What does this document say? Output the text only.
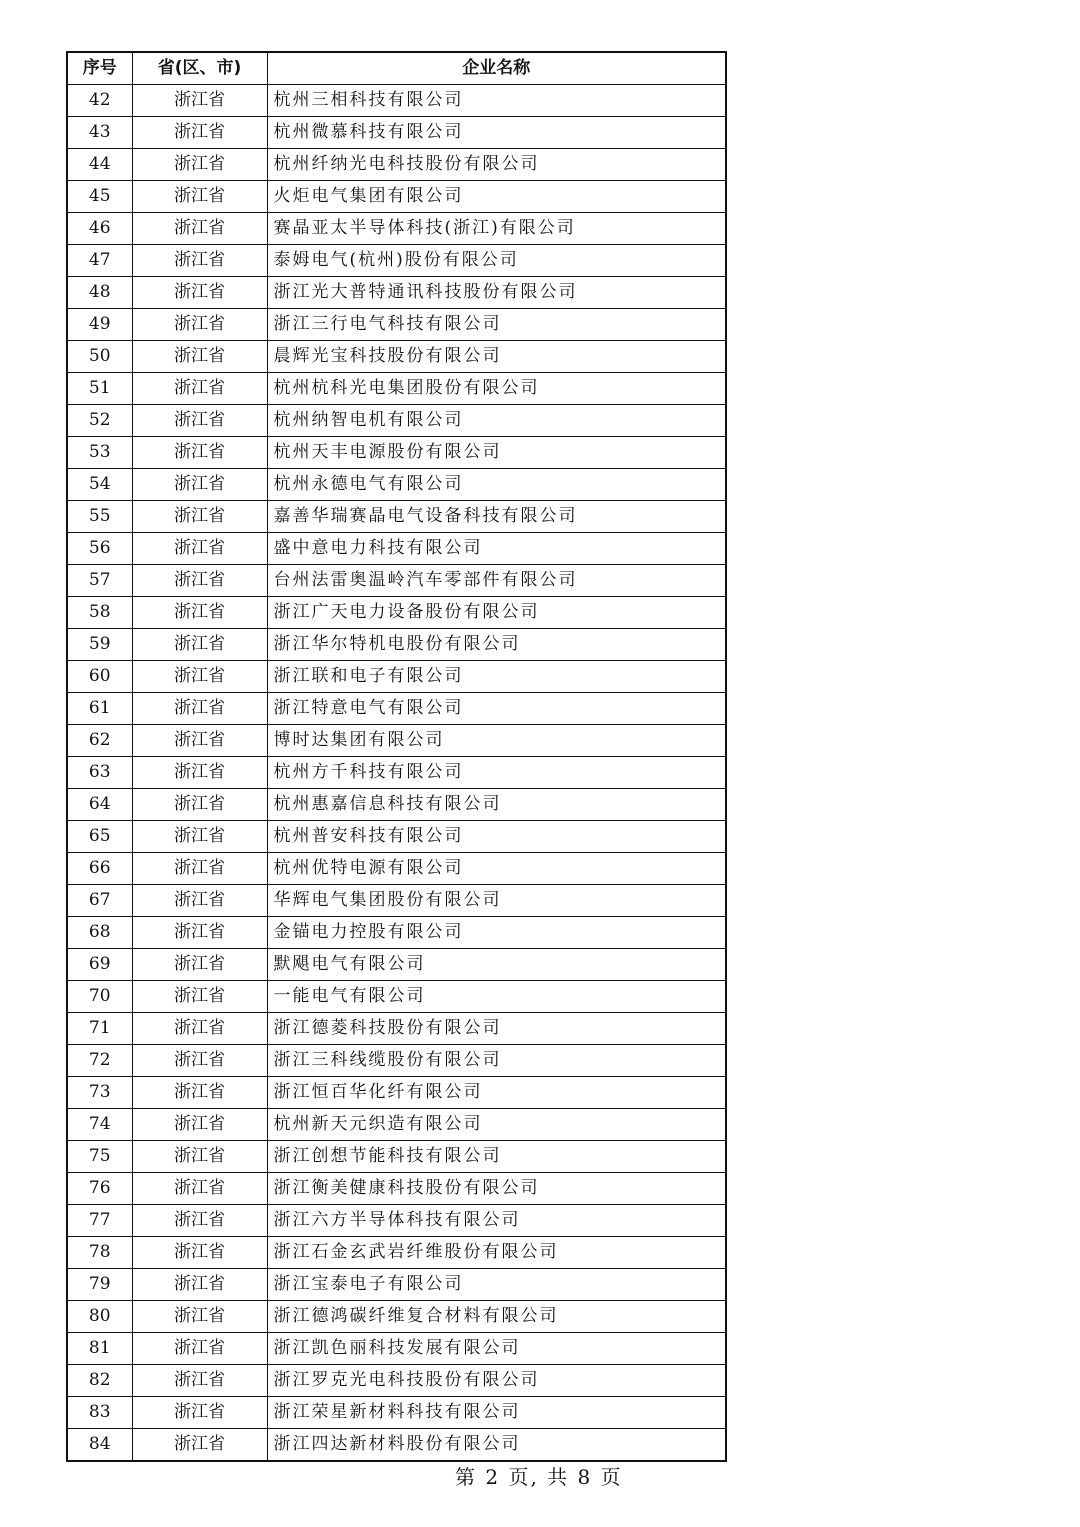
序号	省(区、市)	企业名称
42	浙江省	杭州三相科技有限公司
43	浙江省	杭州微慕科技有限公司
44	浙江省	杭州纤纳光电科技股份有限公司
45	浙江省	火炬电气集团有限公司
46	浙江省	赛晶亚太半导体科技(浙江)有限公司
47	浙江省	泰姆电气(杭州)股份有限公司
48	浙江省	浙江光大普特通讯科技股份有限公司
49	浙江省	浙江三行电气科技有限公司
50	浙江省	晨辉光宝科技股份有限公司
51	浙江省	杭州杭科光电集团股份有限公司
52	浙江省	杭州纳智电机有限公司
53	浙江省	杭州天丰电源股份有限公司
54	浙江省	杭州永德电气有限公司
55	浙江省	嘉善华瑞赛晶电气设备科技有限公司
56	浙江省	盛中意电力科技有限公司
57	浙江省	台州法雷奥温岭汽车零部件有限公司
58	浙江省	浙江广天电力设备股份有限公司
59	浙江省	浙江华尔特机电股份有限公司
60	浙江省	浙江联和电子有限公司
61	浙江省	浙江特意电气有限公司
62	浙江省	博时达集团有限公司
63	浙江省	杭州方千科技有限公司
64	浙江省	杭州惠嘉信息科技有限公司
65	浙江省	杭州普安科技有限公司
66	浙江省	杭州优特电源有限公司
67	浙江省	华辉电气集团股份有限公司
68	浙江省	金锚电力控股有限公司
69	浙江省	默飓电气有限公司
70	浙江省	一能电气有限公司
71	浙江省	浙江德菱科技股份有限公司
72	浙江省	浙江三科线缆股份有限公司
73	浙江省	浙江恒百华化纤有限公司
74	浙江省	杭州新天元织造有限公司
75	浙江省	浙江创想节能科技有限公司
76	浙江省	浙江衡美健康科技股份有限公司
77	浙江省	浙江六方半导体科技有限公司
78	浙江省	浙江石金玄武岩纤维股份有限公司
79	浙江省	浙江宝泰电子有限公司
80	浙江省	浙江德鸿碳纤维复合材料有限公司
81	浙江省	浙江凯色丽科技发展有限公司
82	浙江省	浙江罗克光电科技股份有限公司
83	浙江省	浙江荣星新材料科技有限公司
84	浙江省	浙江四达新材料股份有限公司
第 2 页, 共 8 页
